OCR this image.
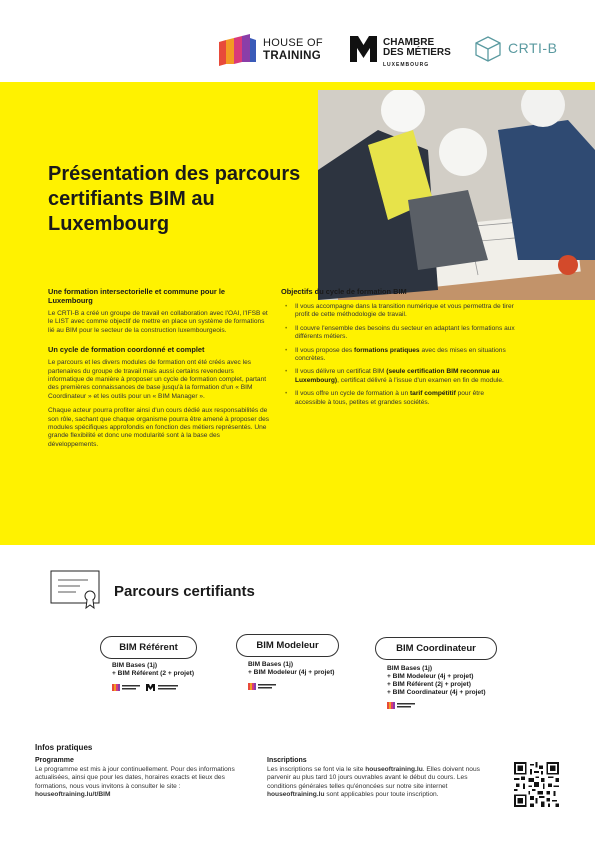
HOUSE OF
TRAINING
CHAMBRE
DES MÉTIERS
LUXEMBOURG
CRTI-B
Présentation des parcours certifiants BIM au Luxembourg
Une formation intersectorielle et commune pour le Luxembourg

Le CRTI-B a créé un groupe de travail en collaboration avec l'OAI, l'IFSB et le LIST avec comme objectif de mettre en place un système de formations lié au BIM pour le secteur de la construction luxembourgeois.

Un cycle de formation coordonné et complet

Le parcours et les divers modules de formation ont été créés avec les partenaires du groupe de travail mais aussi certains revendeurs informatique de manière à proposer un cycle de formation complet, partant des premières connaissances de base jusqu'à la formation d'un « BIM Coordinateur » et les outils pour un « BIM Manager ».

Chaque acteur pourra profiter ainsi d'un cours dédié aux responsabilités de son rôle, sachant que chaque organisme pourra être amené à proposer des modules spécifiques approfondis en fonction des métiers représentés. Une grande flexibilité et donc une modularité sont à la base des développements.

Objectifs du cycle de formation BIM
• Il vous accompagne dans la transition numérique et vous permettra de tirer profit de cette méthodologie de travail.
• Il couvre l'ensemble des besoins du secteur en adaptant les formations aux différents métiers.
• Il vous propose des formations pratiques avec des mises en situations concrètes.
• Il vous délivre un certificat BIM (seule certification BIM reconnue au Luxembourg), certificat délivré à l'issue d'un examen en fin de module.
• Il vous offre un cycle de formation à un tarif compétitif pour être accessible à tous, petites et grandes sociétés.
Parcours certifiants
BIM Référent	BIM Modeleur	BIM Coordinateur
BIM Bases (1j)
+ BIM Référent (2 + projet)
BIM Bases (1j)
+ BIM Modeleur (4j + projet)
BIM Bases (1j)
+ BIM Modeleur (4j + projet)
+ BIM Référent (2j + projet)
+ BIM Coordinateur (4j + projet)
Infos pratiques
Programme
Le programme est mis à jour continuellement. Pour des informations actualisées, ainsi que pour les dates, horaires exacts et lieux des formations, nous vous invitons à consulter le site : houseoftraining.lu/t/BIM
Inscriptions
Les inscriptions se font via le site houseoftraining.lu. Elles doivent nous parvenir au plus tard 10 jours ouvrables avant le début du cours. Les conditions générales telles qu'énoncées sur notre site internet houseoftraining.lu sont applicables pour toute inscription.
